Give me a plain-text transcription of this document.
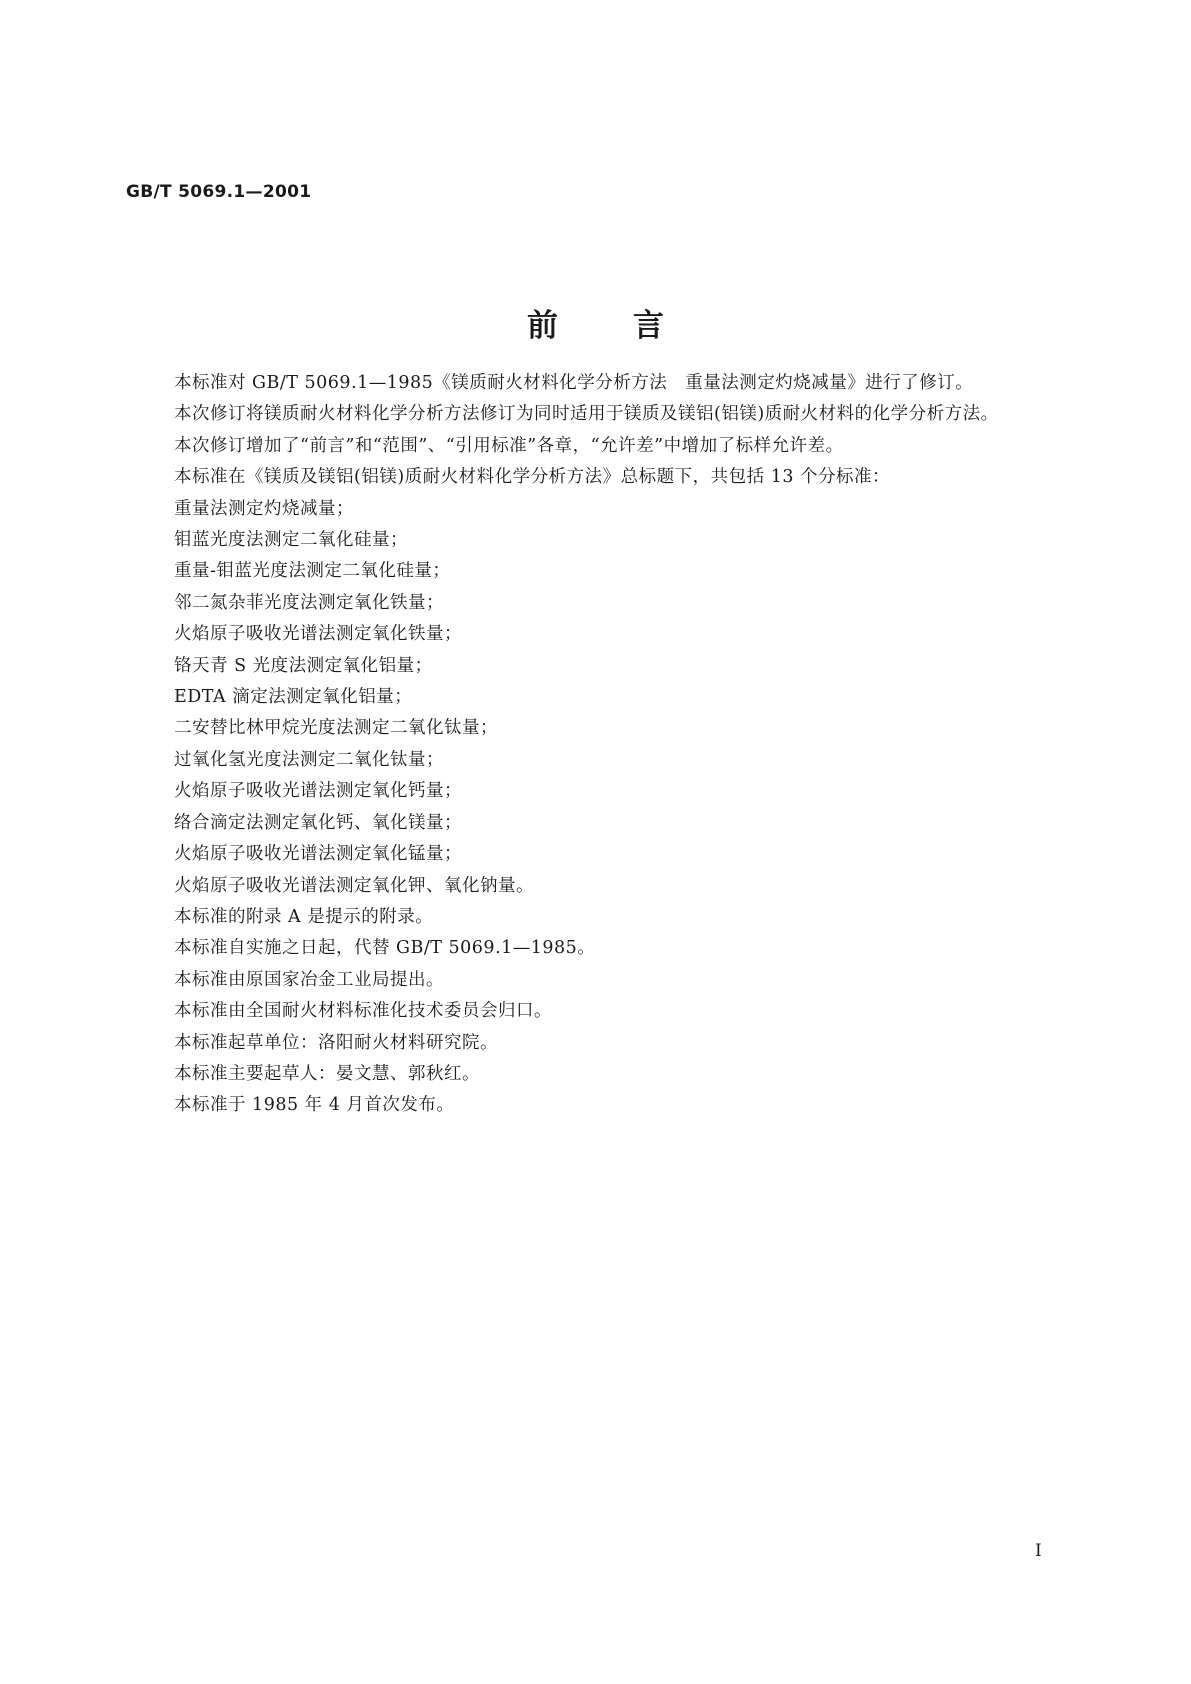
GB/T 5069.1—2001
前言

本标准对 GB/T 5069.1—1985《镁质耐火材料化学分析方法　重量法测定灼烧减量》进行了修订。

本次修订将镁质耐火材料化学分析方法修订为同时适用于镁质及镁铝(铝镁)质耐火材料的化学分析方法。

本次修订增加了“前言”和“范围”、“引用标准”各章，“允许差”中增加了标样允许差。

本标准在《镁质及镁铝(铝镁)质耐火材料化学分析方法》总标题下，共包括 13 个分标准：

重量法测定灼烧减量；

钼蓝光度法测定二氧化硅量；

重量-钼蓝光度法测定二氧化硅量；

邻二氮杂菲光度法测定氧化铁量；

火焰原子吸收光谱法测定氧化铁量；

铬天青 S 光度法测定氧化铝量；

EDTA 滴定法测定氧化铝量；

二安替比林甲烷光度法测定二氧化钛量；

过氧化氢光度法测定二氧化钛量；

火焰原子吸收光谱法测定氧化钙量；

络合滴定法测定氧化钙、氧化镁量；

火焰原子吸收光谱法测定氧化锰量；

火焰原子吸收光谱法测定氧化钾、氧化钠量。

本标准的附录 A 是提示的附录。

本标准自实施之日起，代替 GB/T 5069.1—1985。

本标准由原国家冶金工业局提出。

本标准由全国耐火材料标准化技术委员会归口。

本标准起草单位：洛阳耐火材料研究院。

本标准主要起草人：晏文慧、郭秋红。

本标准于 1985 年 4 月首次发布。

I
